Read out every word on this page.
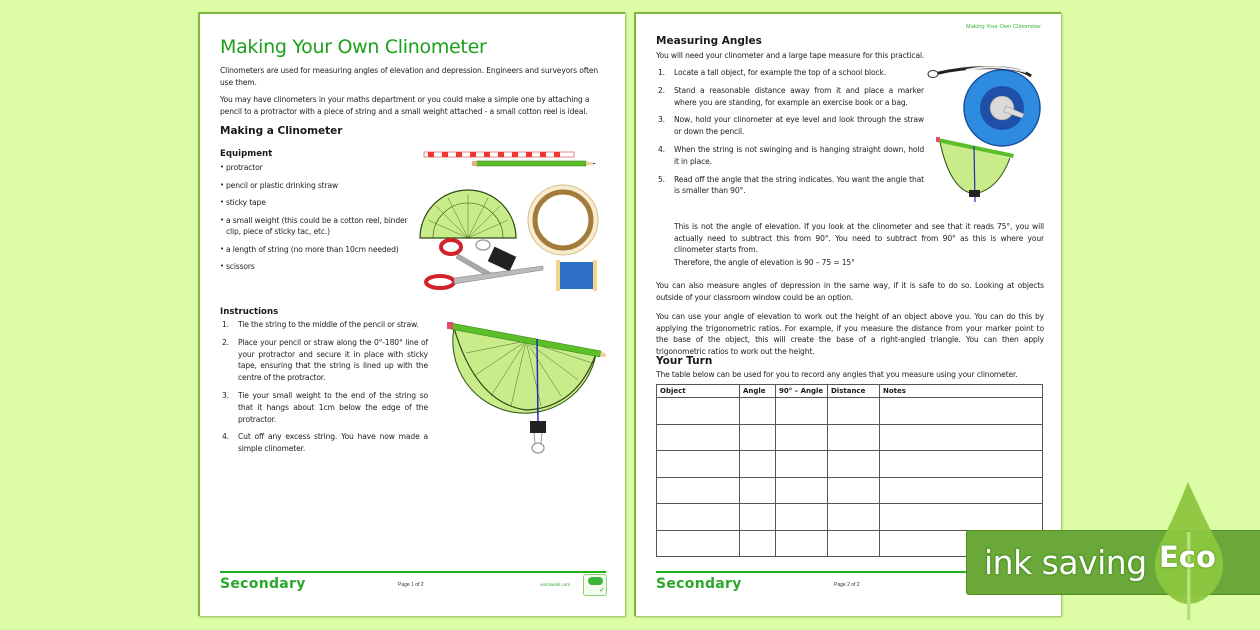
Making Your Own Clinometer
Clinometers are used for measuring angles of elevation and depression. Engineers and surveyors often use them.
You may have clinometers in your maths department or you could make a simple one by attaching a pencil to a protractor with a piece of string and a small weight attached - a small cotton reel is ideal.
Making a Clinometer
Equipment
• protractor
• pencil or plastic drinking straw
• sticky tape
• a small weight (this could be a cotton reel, binder clip, piece of sticky tac, etc.)
• a length of string (no more than 10cm needed)
• scissors
Instructions
1. Tie the string to the middle of the pencil or straw.
2. Place your pencil or straw along the 0°-180° line of your protractor and secure it in place with sticky tape, ensuring that the string is lined up with the centre of the protractor.
3. Tie your small weight to the end of the string so that it hangs about 1cm below the edge of the protractor.
4. Cut off any excess string. You have now made a simple clinometer.
Secondary	Page 1 of 2	visit twinkl.com
✓
Making Your Own Clinometer
Measuring Angles
You will need your clinometer and a large tape measure for this practical.
1. Locate a tall object, for example the top of a school block.
2. Stand a reasonable distance away from it and place a marker where you are standing, for example an exercise book or a bag.
3. Now, hold your clinometer at eye level and look through the straw or down the pencil.
4. When the string is not swinging and is hanging straight down, hold it in place.
5. Read off the angle that the string indicates. You want the angle that is smaller than 90°.
This is not the angle of elevation. If you look at the clinometer and see that it reads 75°, you will actually need to subtract this from 90°. You need to subtract from 90° as this is where your clinometer starts from.
Therefore, the angle of elevation is 90 – 75 = 15°
You can also measure angles of depression in the same way, if it is safe to do so. Looking at objects outside of your classroom window could be an option.
You can use your angle of elevation to work out the height of an object above you. You can do this by applying the trigonometric ratios. For example, if you measure the distance from your marker point to the base of the object, this will create the base of a right-angled triangle. You can then apply trigonometric ratios to work out the height.
Your Turn
The table below can be used for you to record any angles that you measure using your clinometer.
Object	Angle	90° – Angle	Distance	Notes

Secondary	Page 2 of 2
ink saving Eco
